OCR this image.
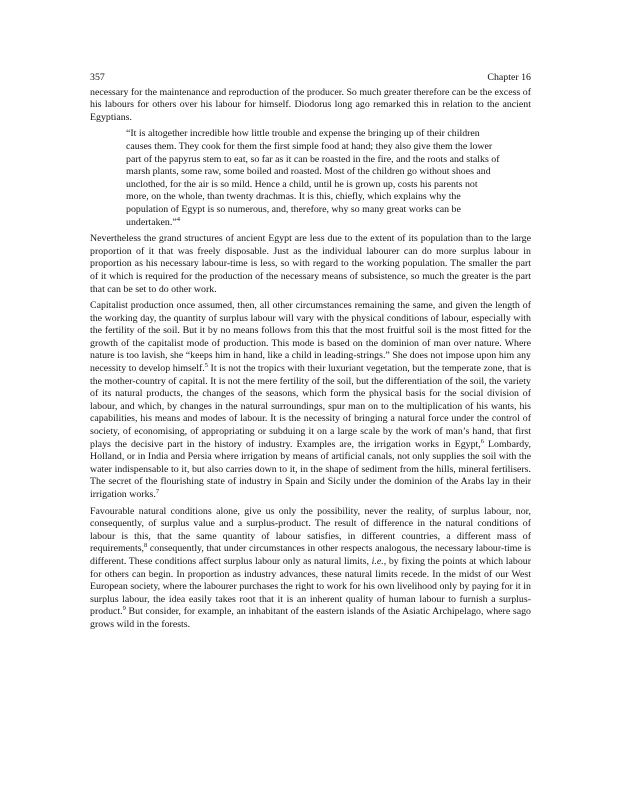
357	Chapter 16

necessary for the maintenance and reproduction of the producer. So much greater therefore can be the excess of his labours for others over his labour for himself. Diodorus long ago remarked this in relation to the ancient Egyptians.

“It is altogether incredible how little trouble and expense the bringing up of their children causes them. They cook for them the first simple food at hand; they also give them the lower part of the papyrus stem to eat, so far as it can be roasted in the fire, and the roots and stalks of marsh plants, some raw, some boiled and roasted. Most of the children go without shoes and unclothed, for the air is so mild. Hence a child, until he is grown up, costs his parents not more, on the whole, than twenty drachmas. It is this, chiefly, which explains why the population of Egypt is so numerous, and, therefore, why so many great works can be undertaken.”$^4$

Nevertheless the grand structures of ancient Egypt are less due to the extent of its population than to the large proportion of it that was freely disposable. Just as the individual labourer can do more surplus labour in proportion as his necessary labour-time is less, so with regard to the working population. The smaller the part of it which is required for the production of the necessary means of subsistence, so much the greater is the part that can be set to do other work.

Capitalist production once assumed, then, all other circumstances remaining the same, and given the length of the working day, the quantity of surplus labour will vary with the physical conditions of labour, especially with the fertility of the soil. But it by no means follows from this that the most fruitful soil is the most fitted for the growth of the capitalist mode of production. This mode is based on the dominion of man over nature. Where nature is too lavish, she “keeps him in hand, like a child in leading-strings.” She does not impose upon him any necessity to develop himself.$^5$ It is not the tropics with their luxuriant vegetation, but the temperate zone, that is the mother-country of capital. It is not the mere fertility of the soil, but the differentiation of the soil, the variety of its natural products, the changes of the seasons, which form the physical basis for the social division of labour, and which, by changes in the natural surroundings, spur man on to the multiplication of his wants, his capabilities, his means and modes of labour. It is the necessity of bringing a natural force under the control of society, of economising, of appropriating or subduing it on a large scale by the work of man’s hand, that first plays the decisive part in the history of industry. Examples are, the irrigation works in Egypt,$^6$ Lombardy, Holland, or in India and Persia where irrigation by means of artificial canals, not only supplies the soil with the water indispensable to it, but also carries down to it, in the shape of sediment from the hills, mineral fertilisers. The secret of the flourishing state of industry in Spain and Sicily under the dominion of the Arabs lay in their irrigation works.$^7$

Favourable natural conditions alone, give us only the possibility, never the reality, of surplus labour, nor, consequently, of surplus value and a surplus-product. The result of difference in the natural conditions of labour is this, that the same quantity of labour satisfies, in different countries, a different mass of requirements,$^8$ consequently, that under circumstances in other respects analogous, the necessary labour-time is different. These conditions affect surplus labour only as natural limits, i.e., by fixing the points at which labour for others can begin. In proportion as industry advances, these natural limits recede. In the midst of our West European society, where the labourer purchases the right to work for his own livelihood only by paying for it in surplus labour, the idea easily takes root that it is an inherent quality of human labour to furnish a surplus-product.$^9$ But consider, for example, an inhabitant of the eastern islands of the Asiatic Archipelago, where sago grows wild in the forests.
